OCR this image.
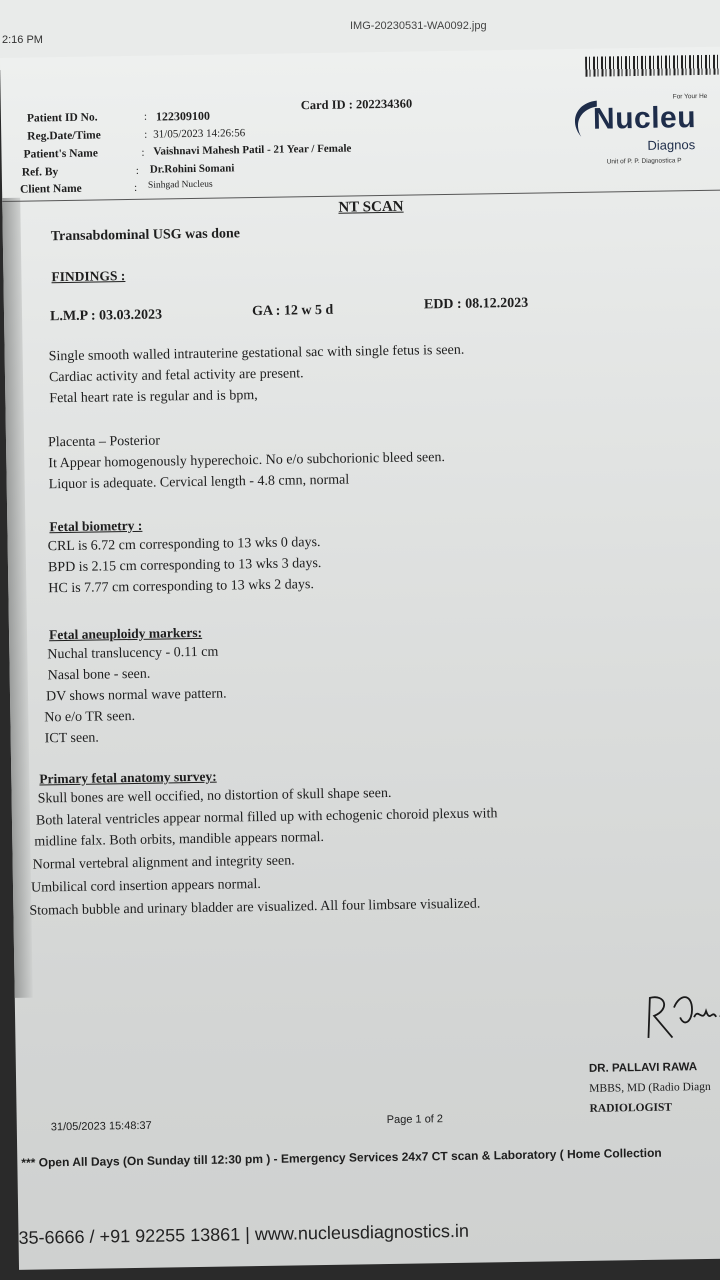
2:16 PM
IMG-20230531-WA0092.jpg
For Your He
Nucleu
Diagnos
Unit of P. P. Diagnostica P
Patient ID No.
Reg.Date/Time
Patient's Name
Ref. By
Client Name
:
:
:
:
:
122309100
31/05/2023 14:26:56
Vaishnavi Mahesh Patil - 21 Year / Female
Dr.Rohini Somani
Sinhgad Nucleus
Card ID : 202234360
NT SCAN
Transabdominal USG was done
FINDINGS :
L.M.P : 03.03.2023	GA : 12 w 5 d	EDD : 08.12.2023
Single smooth walled intrauterine gestational sac with single fetus is seen.
Cardiac activity and fetal activity are present.
Fetal heart rate is regular and is bpm,
Placenta – Posterior
It Appear homogenously hyperechoic. No e/o subchorionic bleed seen.
Liquor is adequate. Cervical length - 4.8 cmn, normal
Fetal biometry :
CRL is 6.72 cm corresponding to 13 wks 0 days.
BPD is 2.15 cm corresponding to 13 wks 3 days.
HC is 7.77 cm corresponding to 13 wks 2 days.
Fetal aneuploidy markers:
Nuchal translucency - 0.11 cm
Nasal bone - seen.
DV shows normal wave pattern.
No e/o TR seen.
ICT seen.
Primary fetal anatomy survey:
Skull bones are well occified, no distortion of skull shape seen.
Both lateral ventricles appear normal filled up with echogenic choroid plexus with
midline falx. Both orbits, mandible appears normal.
Normal vertebral alignment and integrity seen.
Umbilical cord insertion appears normal.
Stomach bubble and urinary bladder are visualized. All four limbsare visualized.
DR. PALLAVI RAWA
MBBS, MD (Radio Diagn
RADIOLOGIST
31/05/2023 15:48:37
Page 1 of 2
*** Open All Days (On Sunday till 12:30 pm ) - Emergency Services 24x7 CT scan & Laboratory ( Home Collection
35-6666 / +91 92255 13861 | www.nucleusdiagnostics.in
